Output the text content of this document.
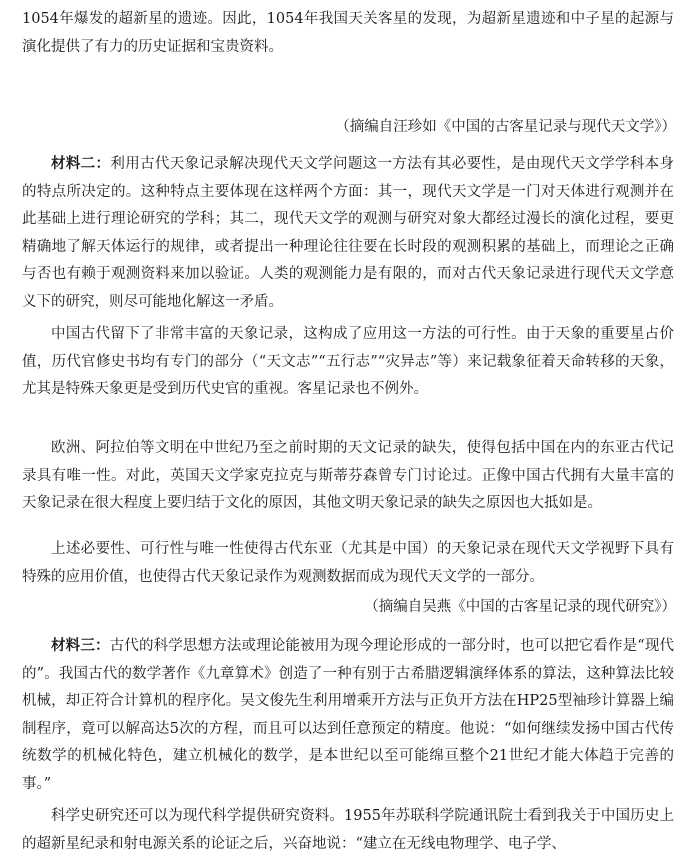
1054年爆发的超新星的遗迹。因此，1054年我国天关客星的发现，为超新星遗迹和中子星的起源与演化提供了有力的历史证据和宝贵资料。

（摘编自汪珍如《中国的古客星记录与现代天文学》）

材料二：利用古代天象记录解决现代天文学问题这一方法有其必要性，是由现代天文学学科本身的特点所决定的。这种特点主要体现在这样两个方面：其一，现代天文学是一门对天体进行观测并在此基础上进行理论研究的学科；其二，现代天文学的观测与研究对象大都经过漫长的演化过程，要更精确地了解天体运行的规律，或者提出一种理论往往要在长时段的观测积累的基础上，而理论之正确与否也有赖于观测资料来加以验证。人类的观测能力是有限的，而对古代天象记录进行现代天文学意义下的研究，则尽可能地化解这一矛盾。

中国古代留下了非常丰富的天象记录，这构成了应用这一方法的可行性。由于天象的重要星占价值，历代官修史书均有专门的部分（“天文志”“五行志”“灾异志”等）来记载象征着天命转移的天象，尤其是特殊天象更是受到历代史官的重视。客星记录也不例外。

欧洲、阿拉伯等文明在中世纪乃至之前时期的天文记录的缺失，使得包括中国在内的东亚古代记录具有唯一性。对此，英国天文学家克拉克与斯蒂芬森曾专门讨论过。正像中国古代拥有大量丰富的天象记录在很大程度上要归结于文化的原因，其他文明天象记录的缺失之原因也大抵如是。

上述必要性、可行性与唯一性使得古代东亚（尤其是中国）的天象记录在现代天文学视野下具有特殊的应用价值，也使得古代天象记录作为观测数据而成为现代天文学的一部分。

（摘编自吴燕《中国的古客星记录的现代研究》）

材料三：古代的科学思想方法或理论能被用为现今理论形成的一部分时，也可以把它看作是“现代的”。我国古代的数学著作《九章算术》创造了一种有别于古希腊逻辑演绎体系的算法，这种算法比较机械，却正符合计算机的程序化。吴文俊先生利用增乘开方法与正负开方法在HP25型袖珍计算器上编制程序，竟可以解高达5次的方程，而且可以达到任意预定的精度。他说：“如何继续发扬中国古代传统数学的机械化特色，建立机械化的数学，是本世纪以至可能绵亘整个21世纪才能大体趋于完善的事。”

科学史研究还可以为现代科学提供研究资料。1955年苏联科学院通讯院士看到我关于中国历史上的超新星纪录和射电源关系的论证之后，兴奋地说：“建立在无线电物理学、电子学、
